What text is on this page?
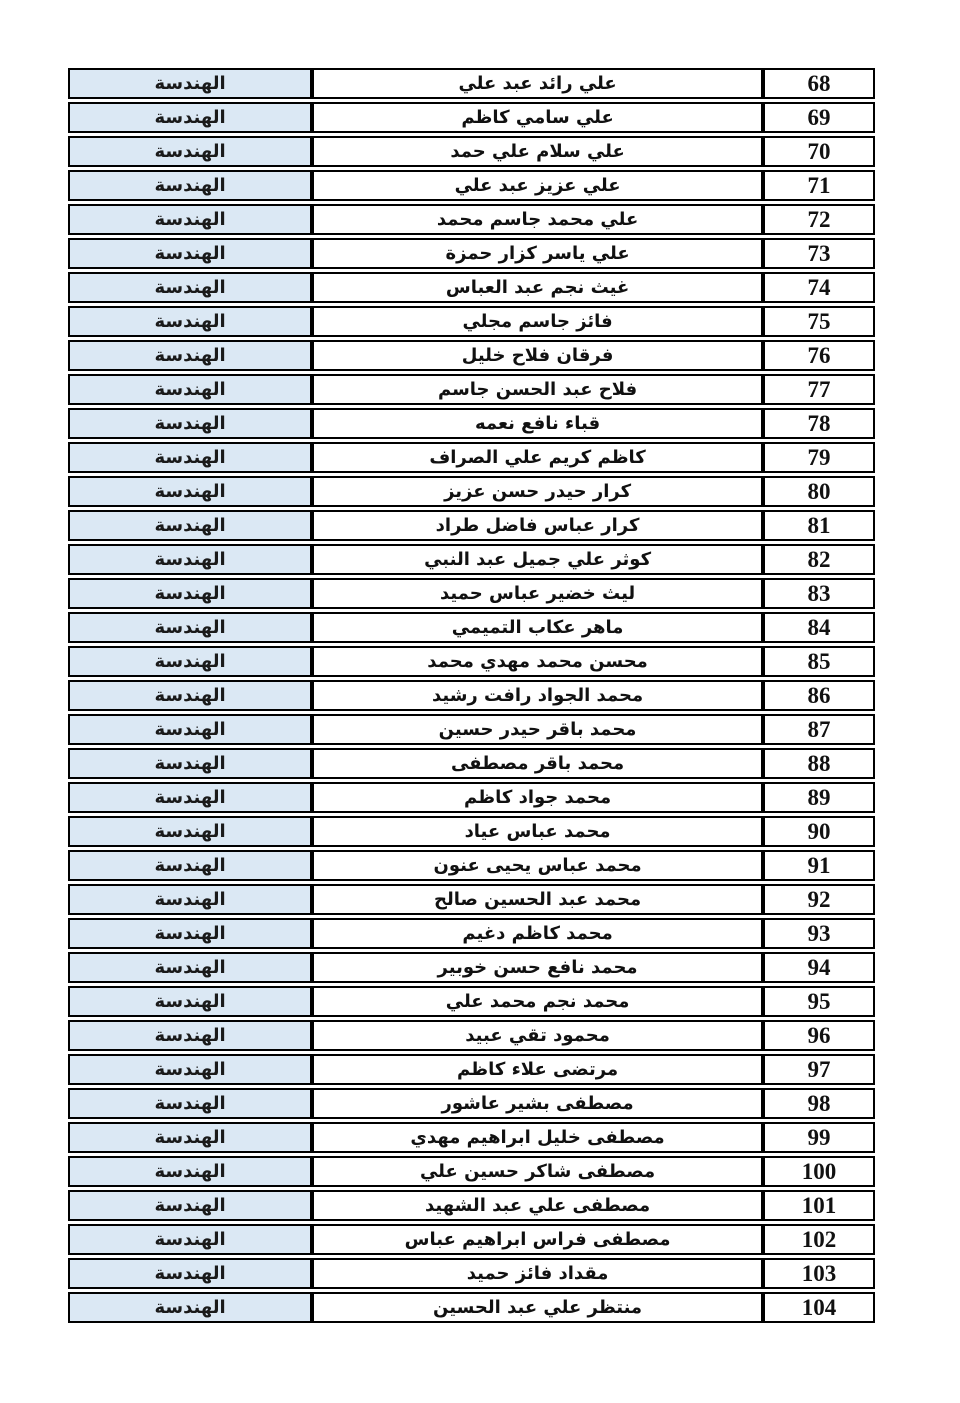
68	علي رائد عبد علي	الهندسة
69	علي سامي كاظم	الهندسة
70	علي سلام علي حمد	الهندسة
71	علي عزيز عبد علي	الهندسة
72	علي محمد جاسم محمد	الهندسة
73	علي ياسر كزار حمزة	الهندسة
74	غيث نجم عبد العباس	الهندسة
75	فائز جاسم مجلي	الهندسة
76	فرقان فلاح خليل	الهندسة
77	فلاح عبد الحسن جاسم	الهندسة
78	قباء نافع نعمه	الهندسة
79	كاظم كريم علي الصراف	الهندسة
80	كرار حيدر حسن عزيز	الهندسة
81	كرار عباس فاضل طراد	الهندسة
82	كوثر علي جميل عبد النبي	الهندسة
83	ليث خضير عباس حميد	الهندسة
84	ماهر عكاب التميمي	الهندسة
85	محسن محمد مهدي محمد	الهندسة
86	محمد الجواد رافت رشيد	الهندسة
87	محمد باقر حيدر حسين	الهندسة
88	محمد باقر مصطفى	الهندسة
89	محمد جواد كاظم	الهندسة
90	محمد عباس عياد	الهندسة
91	محمد عباس يحيى عنون	الهندسة
92	محمد عبد الحسين صالح	الهندسة
93	محمد كاظم دغيم	الهندسة
94	محمد نافع حسن خوبير	الهندسة
95	محمد نجم محمد علي	الهندسة
96	محمود تقي عبيد	الهندسة
97	مرتضى علاء كاظم	الهندسة
98	مصطفى بشير عاشور	الهندسة
99	مصطفى خليل ابراهيم مهدي	الهندسة
100	مصطفى شاكر حسين علي	الهندسة
101	مصطفى علي عبد الشهيد	الهندسة
102	مصطفى فراس ابراهيم عباس	الهندسة
103	مقداد فائز حميد	الهندسة
104	منتظر علي عبد الحسين	الهندسة
